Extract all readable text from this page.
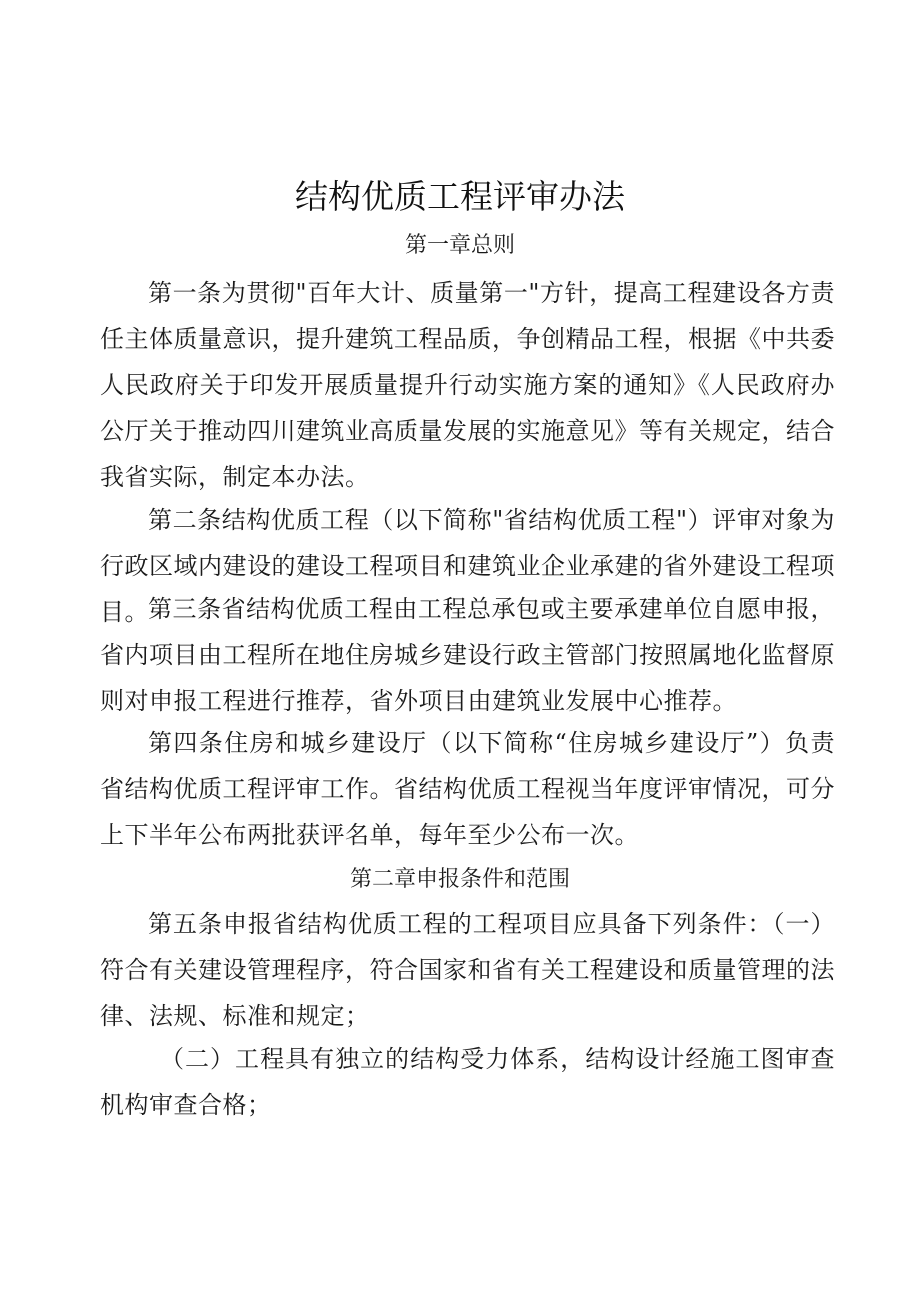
结构优质工程评审办法
第一章总则

第一条为贯彻"百年大计、质量第一"方针，提高工程建设各方责任主体质量意识，提升建筑工程品质，争创精品工程，根据《中共委人民政府关于印发开展质量提升行动实施方案的通知》《人民政府办公厅关于推动四川建筑业高质量发展的实施意见》等有关规定，结合我省实际，制定本办法。

第二条结构优质工程（以下简称"省结构优质工程"）评审对象为行政区域内建设的建设工程项目和建筑业企业承建的省外建设工程项目。 第三条省结构优质工程由工程总承包或主要承建单位自愿申报，省内项目由工程所在地住房城乡建设行政主管部门按照属地化监督原则对申报工程进行推荐，省外项目由建筑业发展中心推荐。

第四条住房和城乡建设厅（以下简称“住房城乡建设厅”）负责省结构优质工程评审工作。省结构优质工程视当年度评审情况，可分上下半年公布两批获评名单，每年至少公布一次。

第二章申报条件和范围

第五条申报省结构优质工程的工程项目应具备下列条件：（一）符合有关建设管理程序，符合国家和省有关工程建设和质量管理的法律、法规、标准和规定；

（二）工程具有独立的结构受力体系，结构设计经施工图审查机构审查合格；
